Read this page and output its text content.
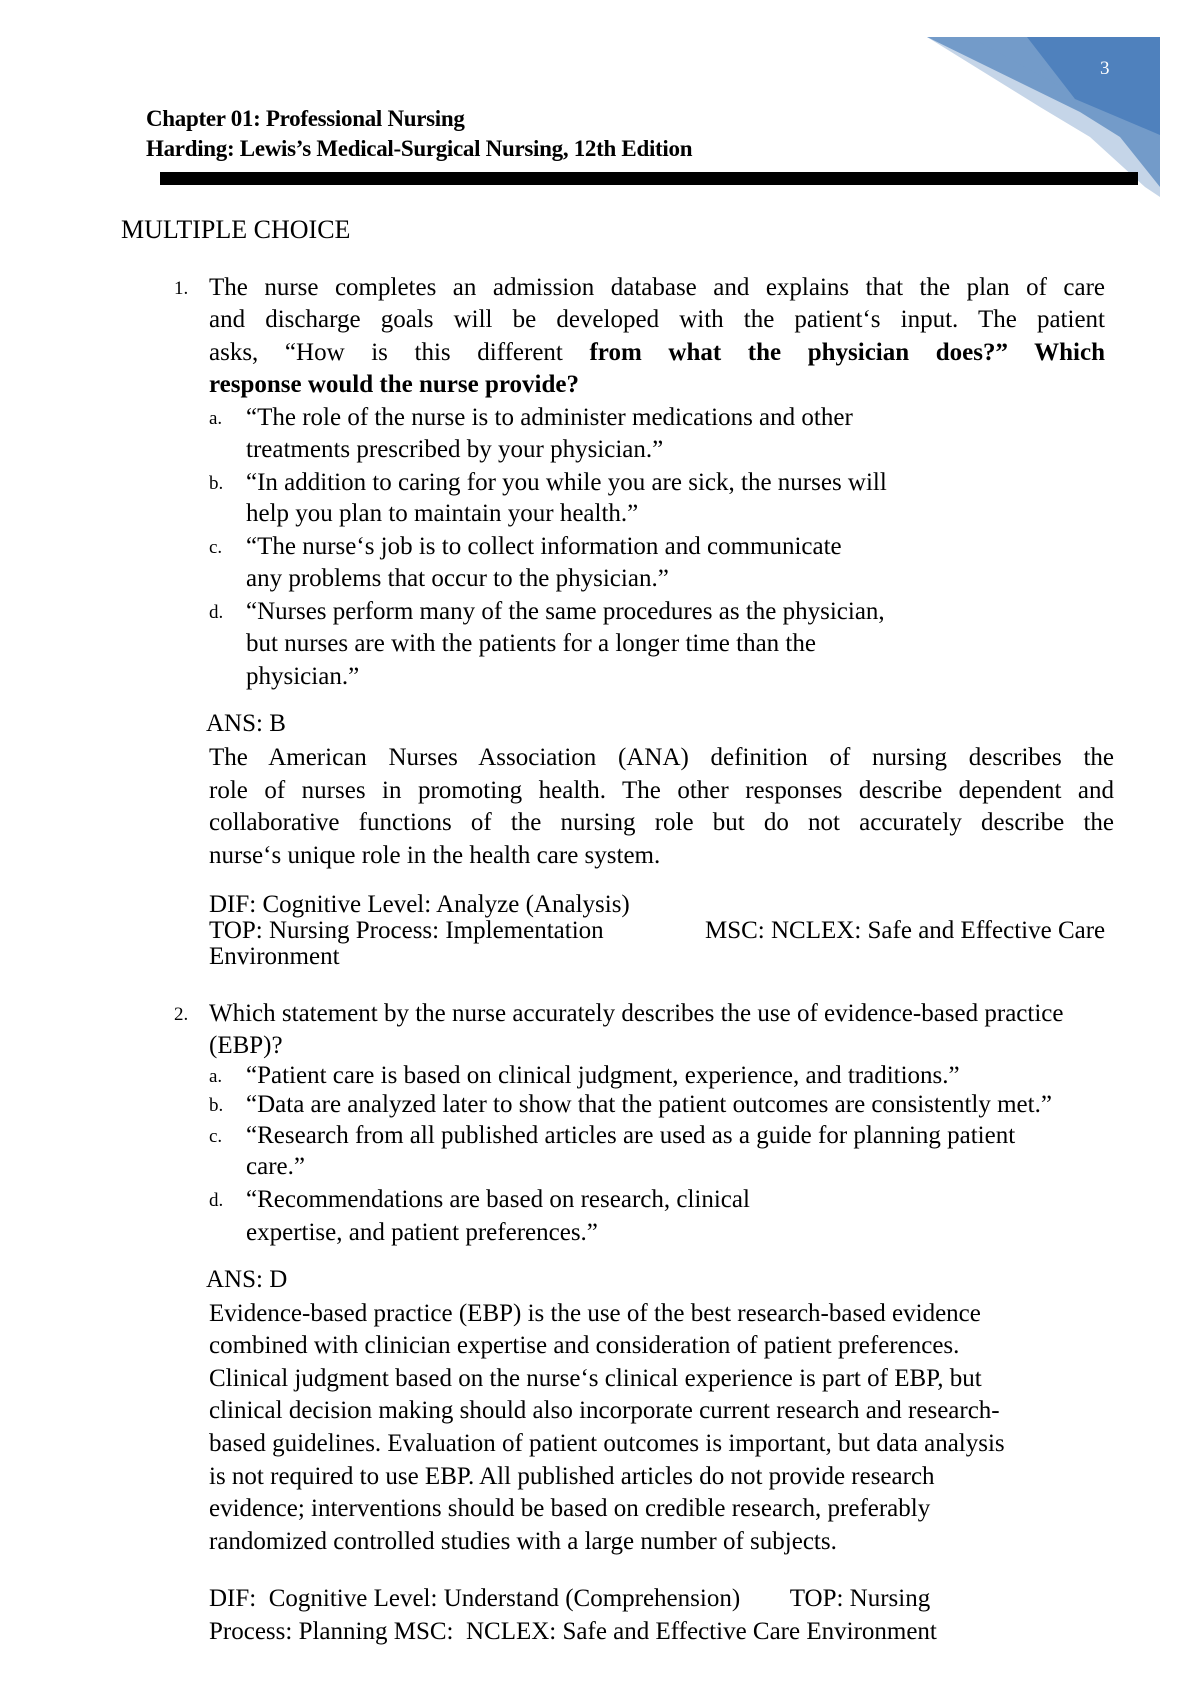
3
Chapter 01: Professional Nursing
Harding: Lewis’s Medical-Surgical Nursing, 12th Edition
MULTIPLE CHOICE
1. The nurse completes an admission database and explains that the plan of care
and discharge goals will be developed with the patient‘s input. The patient
asks, “How is this different from what the physician does?” Which
response would the nurse provide?
a. “The role of the nurse is to administer medications and other
treatments prescribed by your physician.”
b. “In addition to caring for you while you are sick, the nurses will
help you plan to maintain your health.”
c. “The nurse‘s job is to collect information and communicate
any problems that occur to the physician.”
d. “Nurses perform many of the same procedures as the physician,
but nurses are with the patients for a longer time than the
physician.”
ANS: B
The American Nurses Association (ANA) definition of nursing describes the
role of nurses in promoting health. The other responses describe dependent and
collaborative functions of the nursing role but do not accurately describe the
nurse‘s unique role in the health care system.
DIF: Cognitive Level: Analyze (Analysis)
TOP: Nursing Process: Implementation	MSC: NCLEX: Safe and Effective Care
Environment
2. Which statement by the nurse accurately describes the use of evidence-based practice
(EBP)?
a. “Patient care is based on clinical judgment, experience, and traditions.”
b. “Data are analyzed later to show that the patient outcomes are consistently met.”
c. “Research from all published articles are used as a guide for planning patient
care.”
d. “Recommendations are based on research, clinical
expertise, and patient preferences.”
ANS: D
Evidence-based practice (EBP) is the use of the best research-based evidence
combined with clinician expertise and consideration of patient preferences.
Clinical judgment based on the nurse‘s clinical experience is part of EBP, but
clinical decision making should also incorporate current research and research-
based guidelines. Evaluation of patient outcomes is important, but data analysis
is not required to use EBP. All published articles do not provide research
evidence; interventions should be based on credible research, preferably
randomized controlled studies with a large number of subjects.
DIF:  Cognitive Level: Understand (Comprehension)        TOP: Nursing
Process: Planning MSC:  NCLEX: Safe and Effective Care Environment
